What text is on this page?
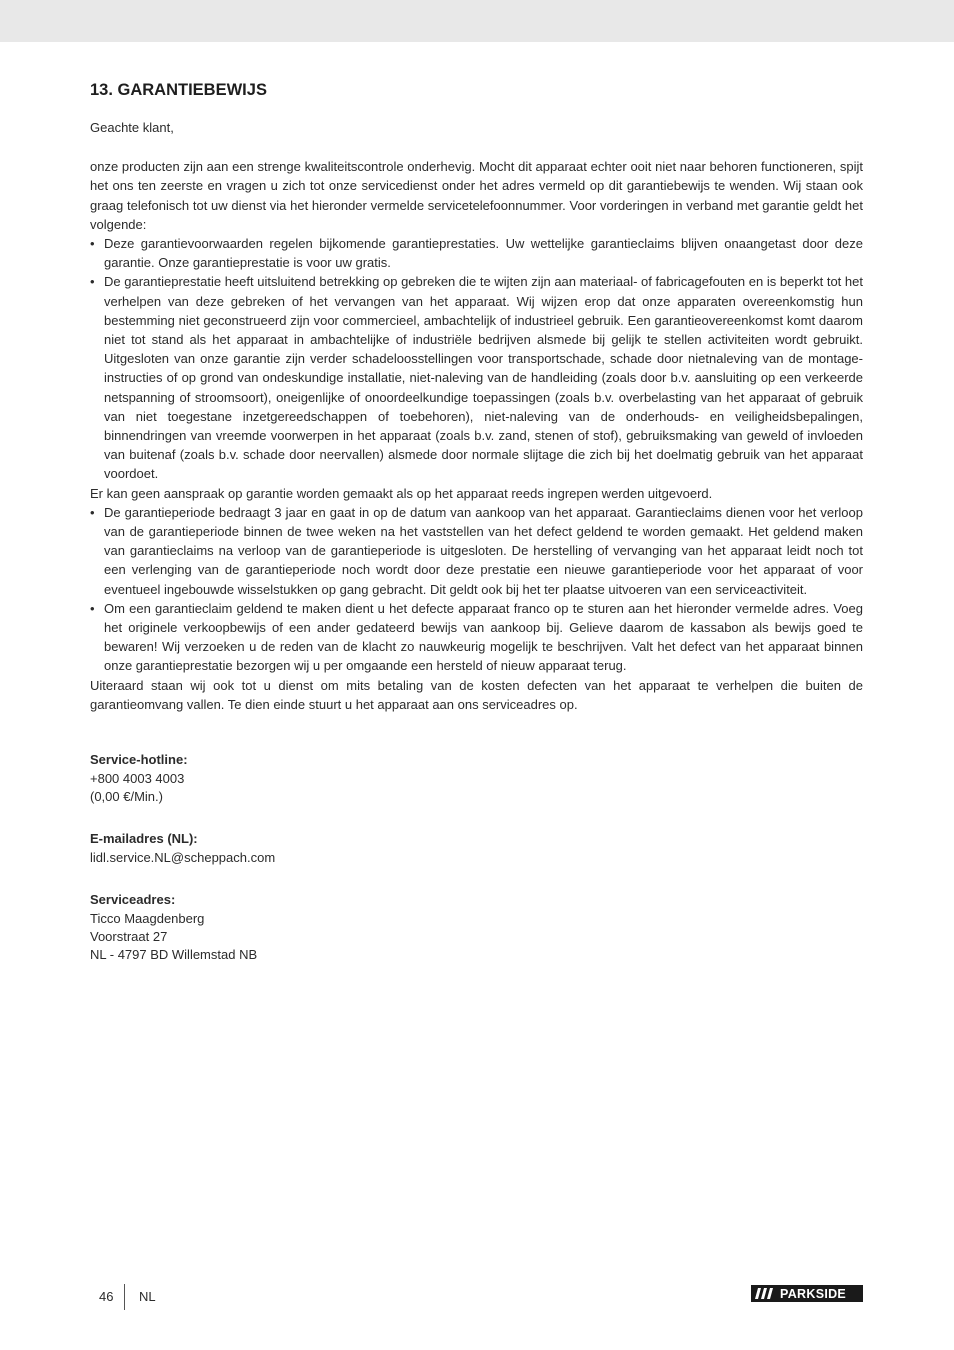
13. GARANTIEBEWIJS

Geachte klant,

onze producten zijn aan een strenge kwaliteitscontrole onderhevig. Mocht dit apparaat echter ooit niet naar behoren functioneren, spijt het ons ten zeerste en vragen u zich tot onze servicedienst onder het adres vermeld op dit garantiebewijs te wenden. Wij staan ook graag telefonisch tot uw dienst via het hieronder vermelde servicetelefoonnummer. Voor vorderingen in verband met garantie geldt het volgende:

• Deze garantievoorwaarden regelen bijkomende garantieprestaties. Uw wettelijke garantieclaims blijven onaangetast door deze garantie. Onze garantieprestatie is voor uw gratis.
• De garantieprestatie heeft uitsluitend betrekking op gebreken die te wijten zijn aan materiaal- of fabricagefouten en is beperkt tot het verhelpen van deze gebreken of het vervangen van het apparaat. Wij wijzen erop dat onze apparaten overeenkomstig hun bestemming niet geconstrueerd zijn voor commercieel, ambachtelijk of industrieel gebruik. Een garantieovereenkomst komt daarom niet tot stand als het apparaat in ambachtelijke of industriële bedrijven alsmede bij gelijk te stellen activiteiten wordt gebruikt. Uitgesloten van onze garantie zijn verder schadeloosstellingen voor transportschade, schade door nietnaleving van de montage-instructies of op grond van ondeskundige installatie, niet-naleving van de handleiding (zoals door b.v. aansluiting op een verkeerde netspanning of stroomsoort), oneigenlijke of onoordeelkundige toepassingen (zoals b.v. overbelasting van het apparaat of gebruik van niet toegestane inzetgereedschappen of toebehoren), niet-naleving van de onderhouds- en veiligheidsbepalingen, binnendringen van vreemde voorwerpen in het apparaat (zoals b.v. zand, stenen of stof), gebruiksmaking van geweld of invloeden van buitenaf (zoals b.v. schade door neervallen) alsmede door normale slijtage die zich bij het doelmatig gebruik van het apparaat voordoet.

Er kan geen aanspraak op garantie worden gemaakt als op het apparaat reeds ingrepen werden uitgevoerd.

• De garantieperiode bedraagt 3 jaar en gaat in op de datum van aankoop van het apparaat. Garantieclaims dienen voor het verloop van de garantieperiode binnen de twee weken na het vaststellen van het defect geldend te worden gemaakt. Het geldend maken van garantieclaims na verloop van de garantieperiode is uitgesloten. De herstelling of vervanging van het apparaat leidt noch tot een verlenging van de garantieperiode noch wordt door deze prestatie een nieuwe garantieperiode voor het apparaat of voor eventueel ingebouwde wisselstukken op gang gebracht. Dit geldt ook bij het ter plaatse uitvoeren van een serviceactiviteit.
• Om een garantieclaim geldend te maken dient u het defecte apparaat franco op te sturen aan het hieronder vermelde adres. Voeg het originele verkoopbewijs of een ander gedateerd bewijs van aankoop bij. Gelieve daarom de kassabon als bewijs goed te bewaren! Wij verzoeken u de reden van de klacht zo nauwkeurig mogelijk te beschrijven. Valt het defect van het apparaat binnen onze garantieprestatie bezorgen wij u per omgaande een hersteld of nieuw apparaat terug.

Uiteraard staan wij ook tot u dienst om mits betaling van de kosten defecten van het apparaat te verhelpen die buiten de garantieomvang vallen. Te dien einde stuurt u het apparaat aan ons serviceadres op.

Service-hotline:
+800 4003 4003
(0,00 €/Min.)
E-mailadres (NL):
lidl.service.NL@scheppach.com
Serviceadres:
Ticco Maagdenberg
Voorstraat 27
NL - 4797 BD Willemstad NB
46 NL	PARKSIDE
